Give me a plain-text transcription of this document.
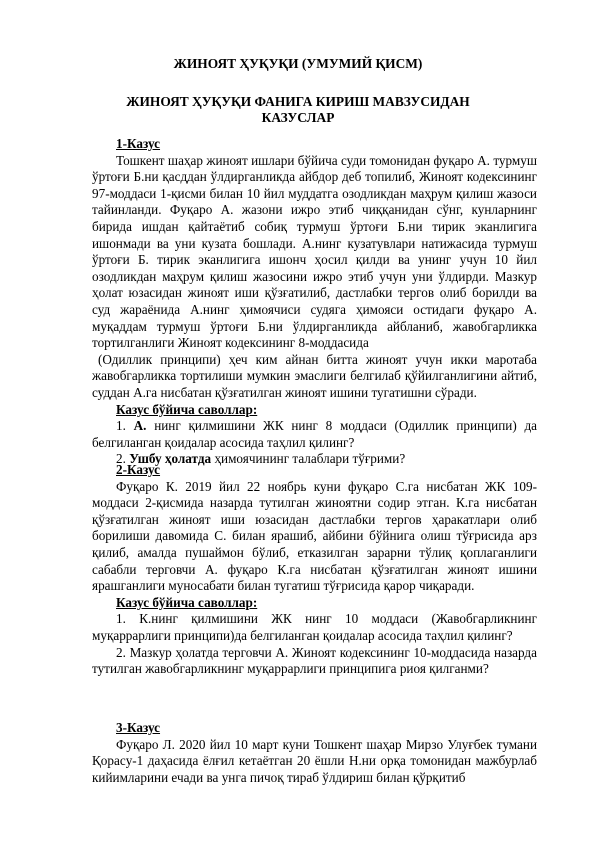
ЖИНОЯТ ҲУҚУҚИ (УМУМИЙ ҚИСМ)
ЖИНОЯТ ҲУҚУҚИ ФАНИГА КИРИШ МАВЗУСИДАН КАЗУСЛАР
1-Казус

Тошкент шаҳар жиноят ишлари бўйича суди томонидан фуқаро А. турмуш ўртоғи Б.ни қасддан ўлдирганликда айбдор деб топилиб, Жиноят кодексининг 97-моддаси 1-қисми билан 10 йил муддатга озодликдан маҳрум қилиш жазоси тайинланди. Фуқаро А. жазони ижро этиб чиққанидан сўнг, кунларнинг бирида ишдан қайтаётиб собиқ турмуш ўртоғи Б.ни тирик эканлигига ишонмади ва уни кузата бошлади. А.нинг кузатувлари натижасида турмуш ўртоғи Б. тирик эканлигига ишонч ҳосил қилди ва унинг учун 10 йил озодликдан маҳрум қилиш жазосини ижро этиб учун уни ўлдирди. Мазкур ҳолат юзасидан жиноят иши қўзғатилиб, дастлабки тергов олиб борилди ва суд жараёнида А.нинг ҳимоячиси судяга ҳимояси остидаги фуқаро А. муқаддам турмуш ўртоғи Б.ни ўлдирганликда айбланиб, жавобгарликка тортилганлиги Жиноят кодексининг 8-моддасида

(Одиллик принципи) ҳеч ким айнан битта жиноят учун икки маротаба жавобгарликка тортилиши мумкин эмаслиги белгилаб қўйилганлигини айтиб, суддан А.га нисбатан қўзғатилган жиноят ишини тугатишни сўради.

Казус бўйича саволлар:

1. А. нинг қилмишини ЖК нинг 8 моддаси (Одиллик принципи) да белгиланган қоидалар асосида таҳлил қилинг?

2. Ушбу ҳолатда ҳимоячининг талаблари тўғрими?

2-Казус

Фуқаро К. 2019 йил 22 ноябрь куни фуқаро С.га нисбатан ЖК 109-моддаси 2-қисмида назарда тутилган жиноятни содир этган. К.га нисбатан қўзғатилган жиноят иши юзасидан дастлабки тергов ҳаракатлари олиб борилиши давомида С. билан ярашиб, айбини бўйнига олиш тўғрисида арз қилиб, амалда пушаймон бўлиб, етказилган зарарни тўлиқ қоплаганлиги сабабли терговчи А. фуқаро К.га нисбатан қўзғатилган жиноят ишини ярашганлиги муносабати билан тугатиш тўғрисида қарор чиқаради.

Казус бўйича саволлар:

1. К.нинг қилмишини ЖК нинг 10 моддаси (Жавобгарликнинг муқаррарлиги принципи)да белгиланган қоидалар асосида таҳлил қилинг?

2. Мазкур ҳолатда терговчи А. Жиноят кодексининг 10-моддасида назарда тутилган жавобгарликнинг муқаррарлиги принципига риоя қилганми?

3-Казус

Фуқаро Л. 2020 йил 10 март куни Тошкент шаҳар Мирзо Улуғбек тумани Қораcу-1 даҳасида ёлғил кетаётган 20 ёшли Н.ни орқа томонидан мажбурлаб кийимларини ечади ва унга пичоқ тираб ўлдириш билан қўрқитиб
